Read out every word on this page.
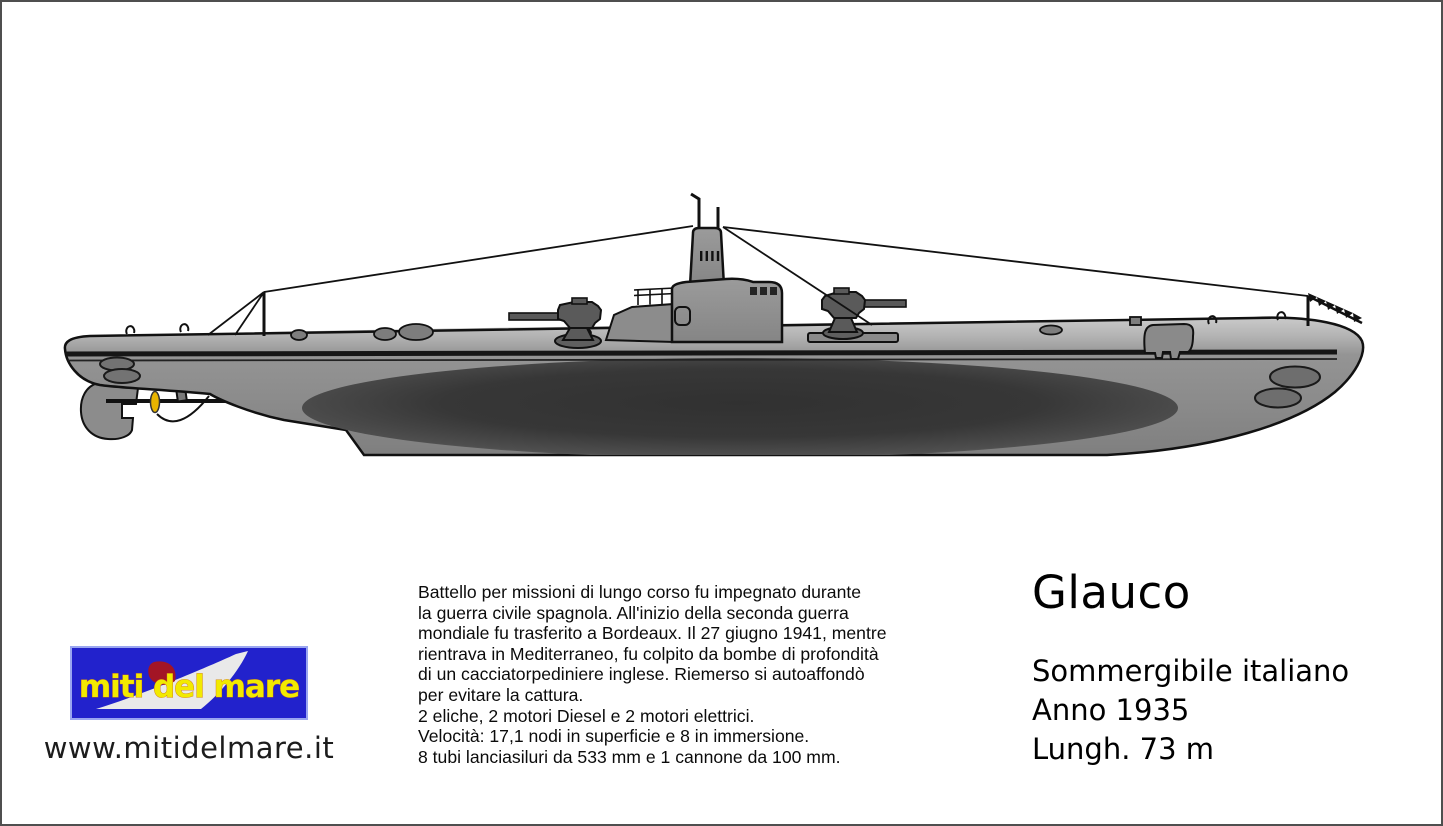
Battello per missioni di lungo corso fu impegnato durante
la guerra civile spagnola. All'inizio della seconda guerra
mondiale fu trasferito a Bordeaux. Il 27 giugno 1941, mentre
rientrava in Mediterraneo, fu colpito da bombe di profondità
di un cacciatorpediniere inglese. Riemerso si autoaffondò
per evitare la cattura.
2 eliche, 2 motori Diesel e 2 motori elettrici.
Velocità: 17,1 nodi in superficie e 8 in immersione.
8 tubi lanciasiluri da 533 mm e 1 cannone da 100 mm.
Glauco
Sommergibile italiano
Anno 1935
Lungh. 73 m
miti del mare
www.mitidelmare.it
